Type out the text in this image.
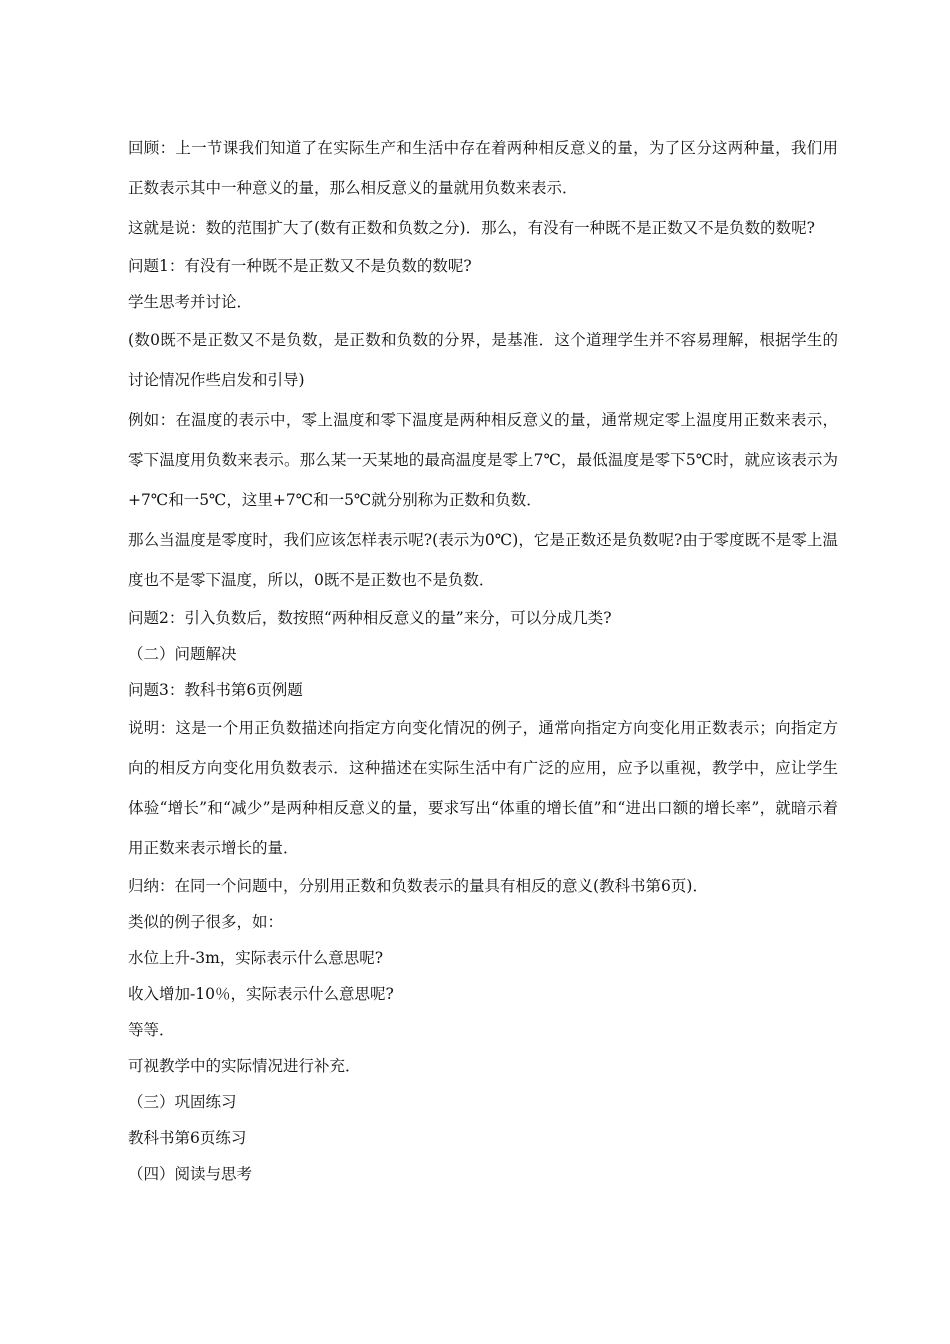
回顾：上一节课我们知道了在实际生产和生活中存在着两种相反意义的量，为了区分这两种量，我们用正数表示其中一种意义的量，那么相反意义的量就用负数来表示．

这就是说：数的范围扩大了(数有正数和负数之分)．那么，有没有一种既不是正数又不是负数的数呢?

问题1：有没有一种既不是正数又不是负数的数呢?

学生思考并讨论．

(数0既不是正数又不是负数，是正数和负数的分界，是基准．这个道理学生并不容易理解，根据学生的讨论情况作些启发和引导)

例如：在温度的表示中，零上温度和零下温度是两种相反意义的量，通常规定零上温度用正数来表示，零下温度用负数来表示。那么某一天某地的最高温度是零上7℃，最低温度是零下5℃时，就应该表示为+7℃和一5℃，这里+7℃和一5℃就分别称为正数和负数．

那么当温度是零度时，我们应该怎样表示呢?(表示为0℃)，它是正数还是负数呢?由于零度既不是零上温度也不是零下温度，所以，0既不是正数也不是负数．

问题2：引入负数后，数按照“两种相反意义的量”来分，可以分成几类?

（二）问题解决

问题3：教科书第6页例题

说明：这是一个用正负数描述向指定方向变化情况的例子，通常向指定方向变化用正数表示；向指定方向的相反方向变化用负数表示．这种描述在实际生活中有广泛的应用，应予以重视，教学中，应让学生体验“增长”和“减少”是两种相反意义的量，要求写出“体重的增长值”和“进出口额的增长率”，就暗示着用正数来表示增长的量．

归纳：在同一个问题中，分别用正数和负数表示的量具有相反的意义(教科书第6页)．

类似的例子很多，如：

水位上升-3m，实际表示什么意思呢?

收入增加-10％，实际表示什么意思呢?

等等．

可视教学中的实际情况进行补充．

（三）巩固练习

教科书第6页练习

（四）阅读与思考
